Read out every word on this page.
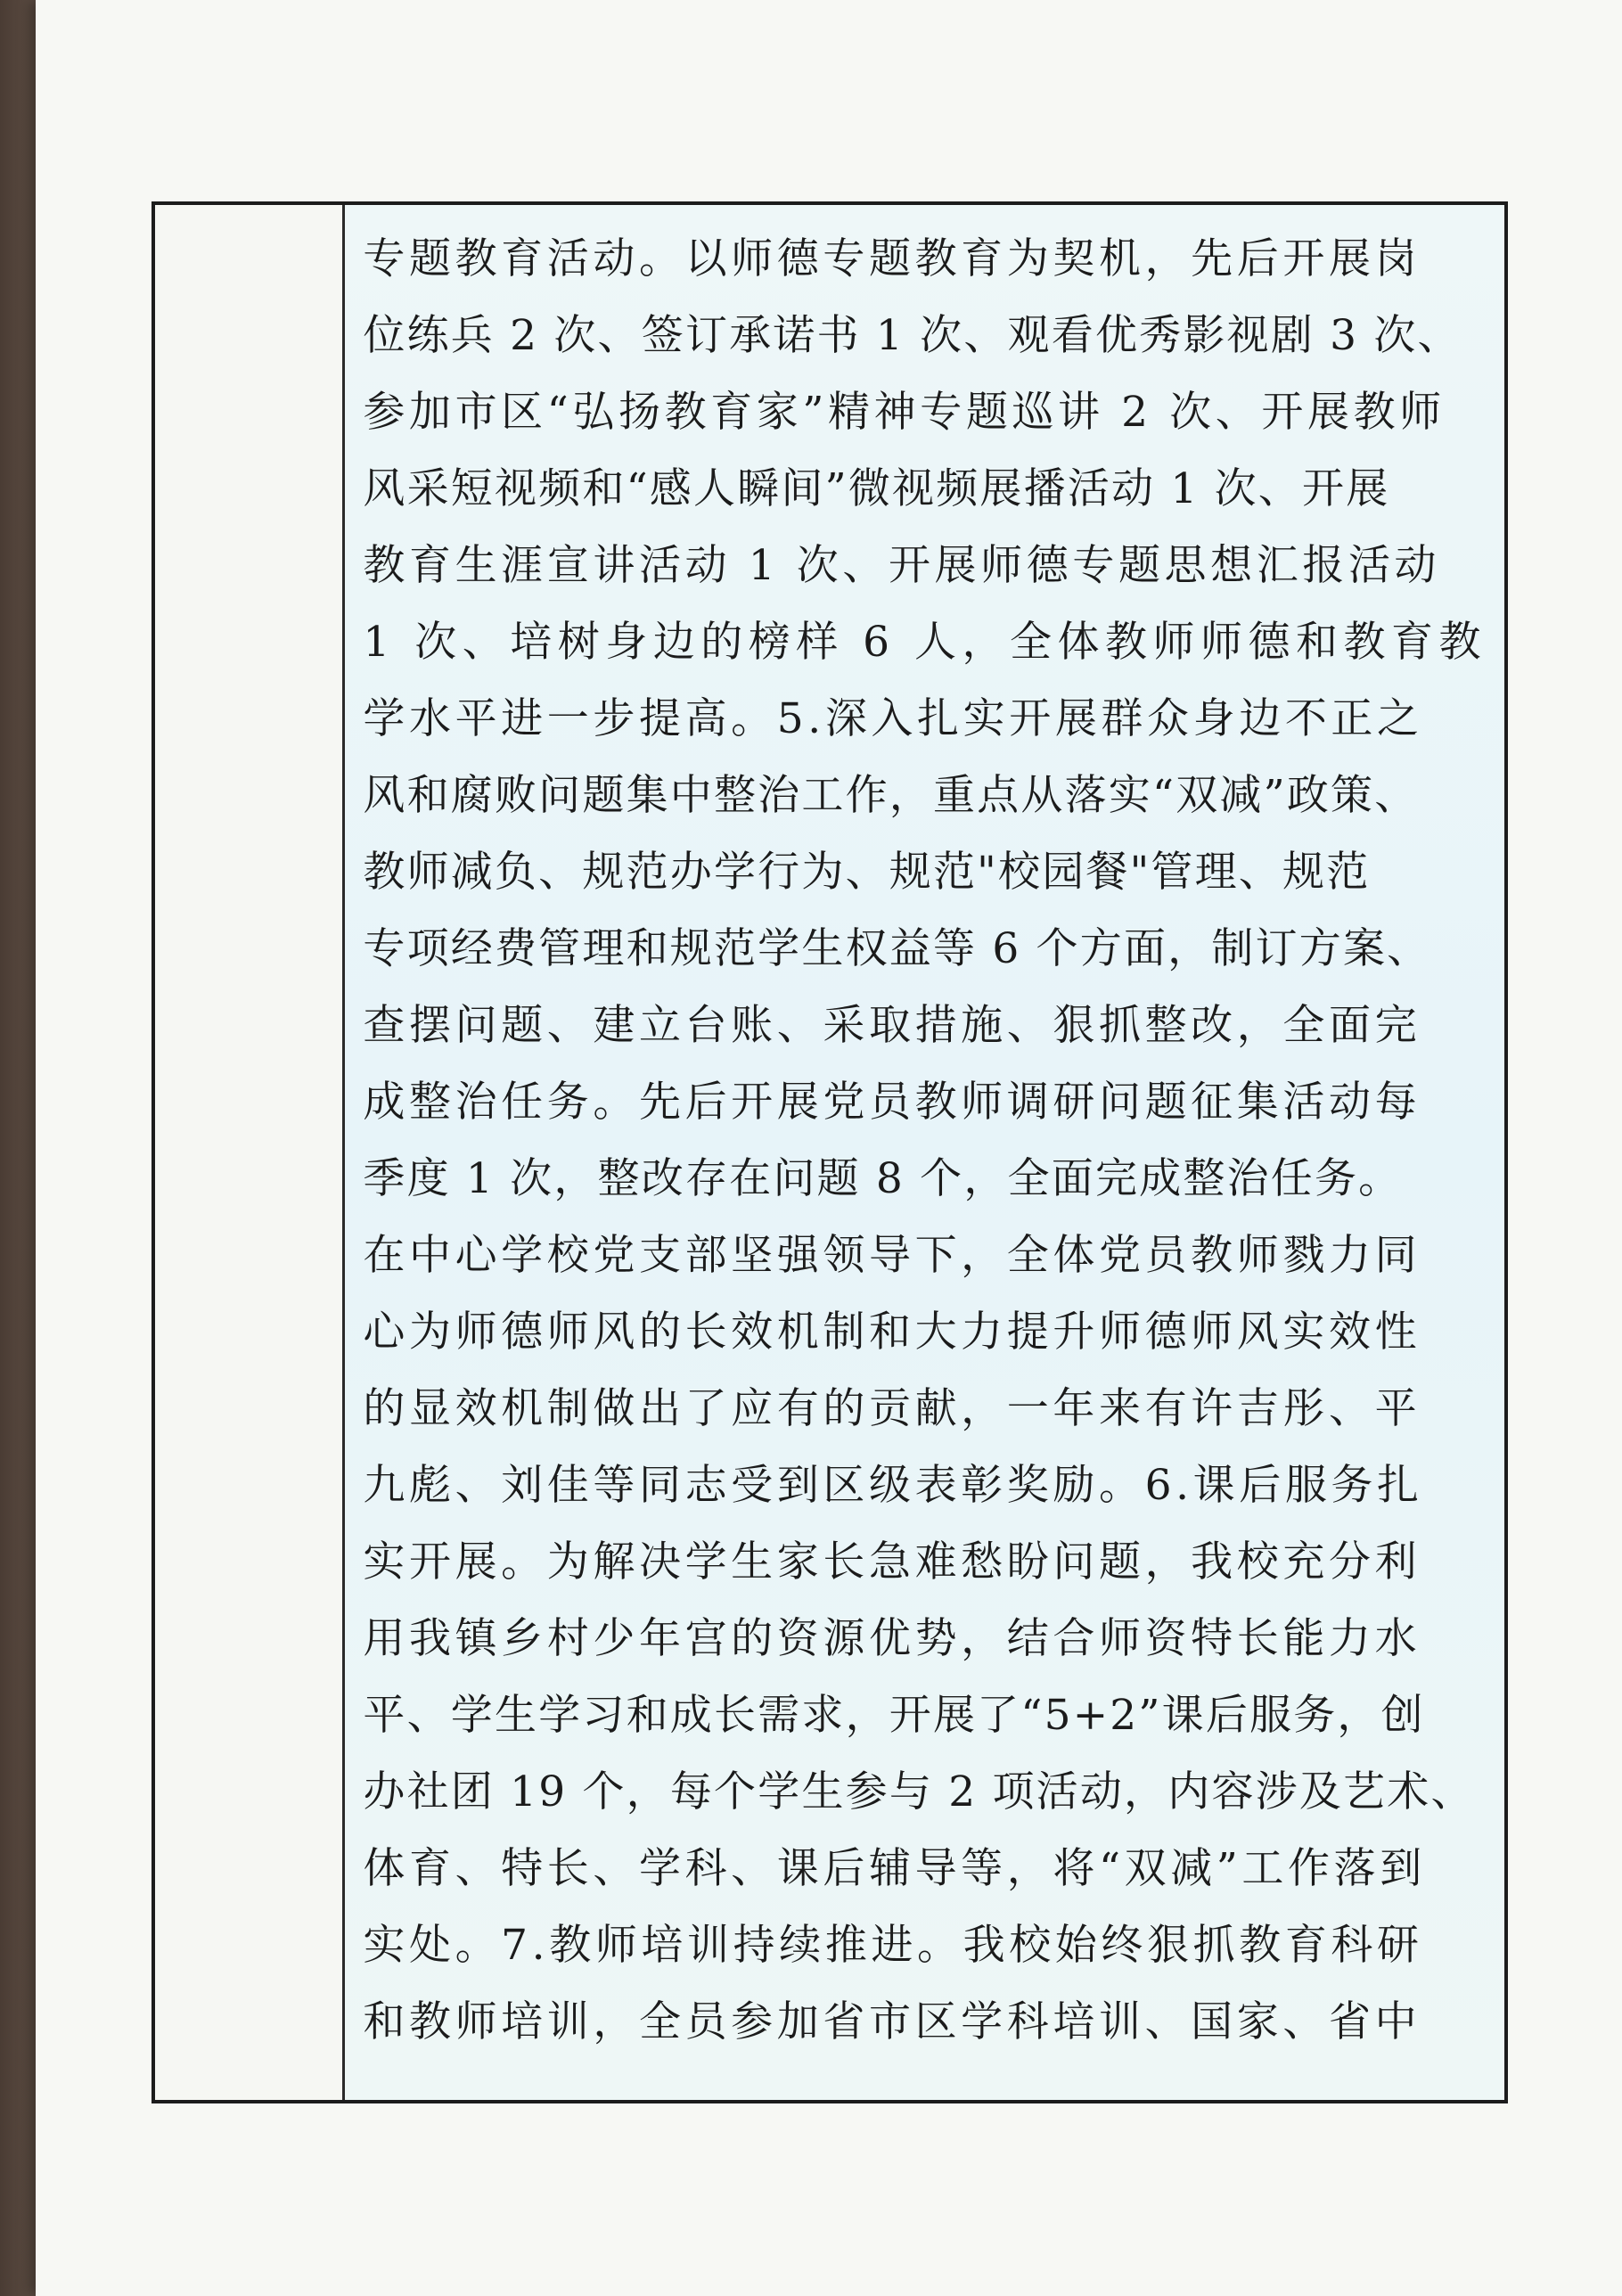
专题教育活动。以师德专题教育为契机，先后开展岗
位练兵 2 次、签订承诺书 1 次、观看优秀影视剧 3 次、
参加市区“弘扬教育家”精神专题巡讲 2 次、开展教师
风采短视频和“感人瞬间”微视频展播活动 1 次、开展
教育生涯宣讲活动 1 次、开展师德专题思想汇报活动
1 次、培树身边的榜样 6 人，全体教师师德和教育教
学水平进一步提高。5.深入扎实开展群众身边不正之
风和腐败问题集中整治工作，重点从落实“双减”政策、
教师减负、规范办学行为、规范"校园餐"管理、规范
专项经费管理和规范学生权益等 6 个方面，制订方案、
查摆问题、建立台账、采取措施、狠抓整改，全面完
成整治任务。先后开展党员教师调研问题征集活动每
季度 1 次，整改存在问题 8 个，全面完成整治任务。
在中心学校党支部坚强领导下，全体党员教师戮力同
心为师德师风的长效机制和大力提升师德师风实效性
的显效机制做出了应有的贡献，一年来有许吉彤、平
九彪、刘佳等同志受到区级表彰奖励。6.课后服务扎
实开展。为解决学生家长急难愁盼问题，我校充分利
用我镇乡村少年宫的资源优势，结合师资特长能力水
平、学生学习和成长需求，开展了“5+2”课后服务，创
办社团 19 个，每个学生参与 2 项活动，内容涉及艺术、
体育、特长、学科、课后辅导等，将“双减”工作落到
实处。7.教师培训持续推进。我校始终狠抓教育科研
和教师培训，全员参加省市区学科培训、国家、省中
